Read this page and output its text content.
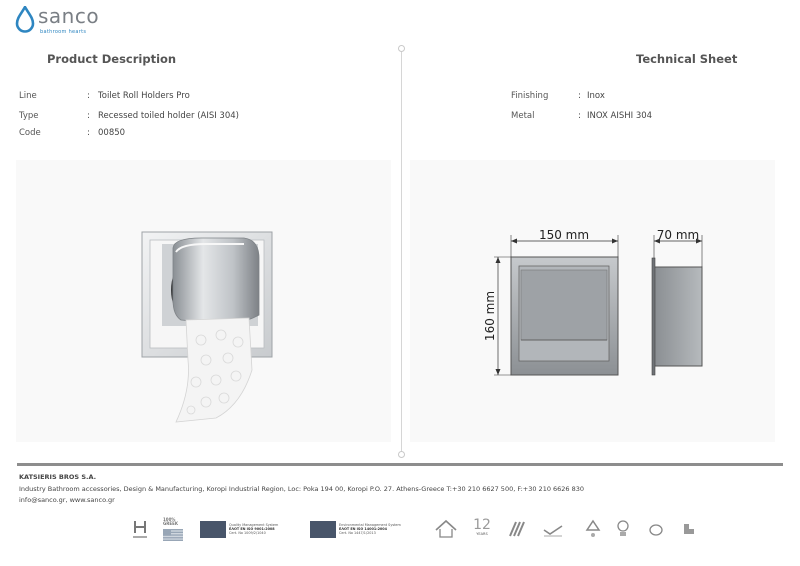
sanco
bathroom hearts
Product Description	Technical Sheet
Line	: Toilet Roll Holders Pro
Type	: Recessed toiled holder (AISI 304)
Code	: 00850
Finishing	: Inox
Metal	: INOX AISHI 304
150 mm	70 mm
160 mm
KATSIERIS BROS S.A.
Industry Bathroom accessories, Design & Manufacturing, Koropi Industrial Region, Loc: Poka 194 00, Koropi P.O. 27. Athens-Greece T:+30 210 6627 500, F:+30 210 6626 830
info@sanco.gr, www.sanco.gr
100% GREEK	Quality Management System
ΕΛΟΤ EN ISO 9001:2008
Cert. No 1009/2/1040
Environmental Management System
ΕΛΟΤ EN ISO 14001:2004
Cert. No 1447/1/2013
12
YEARS
